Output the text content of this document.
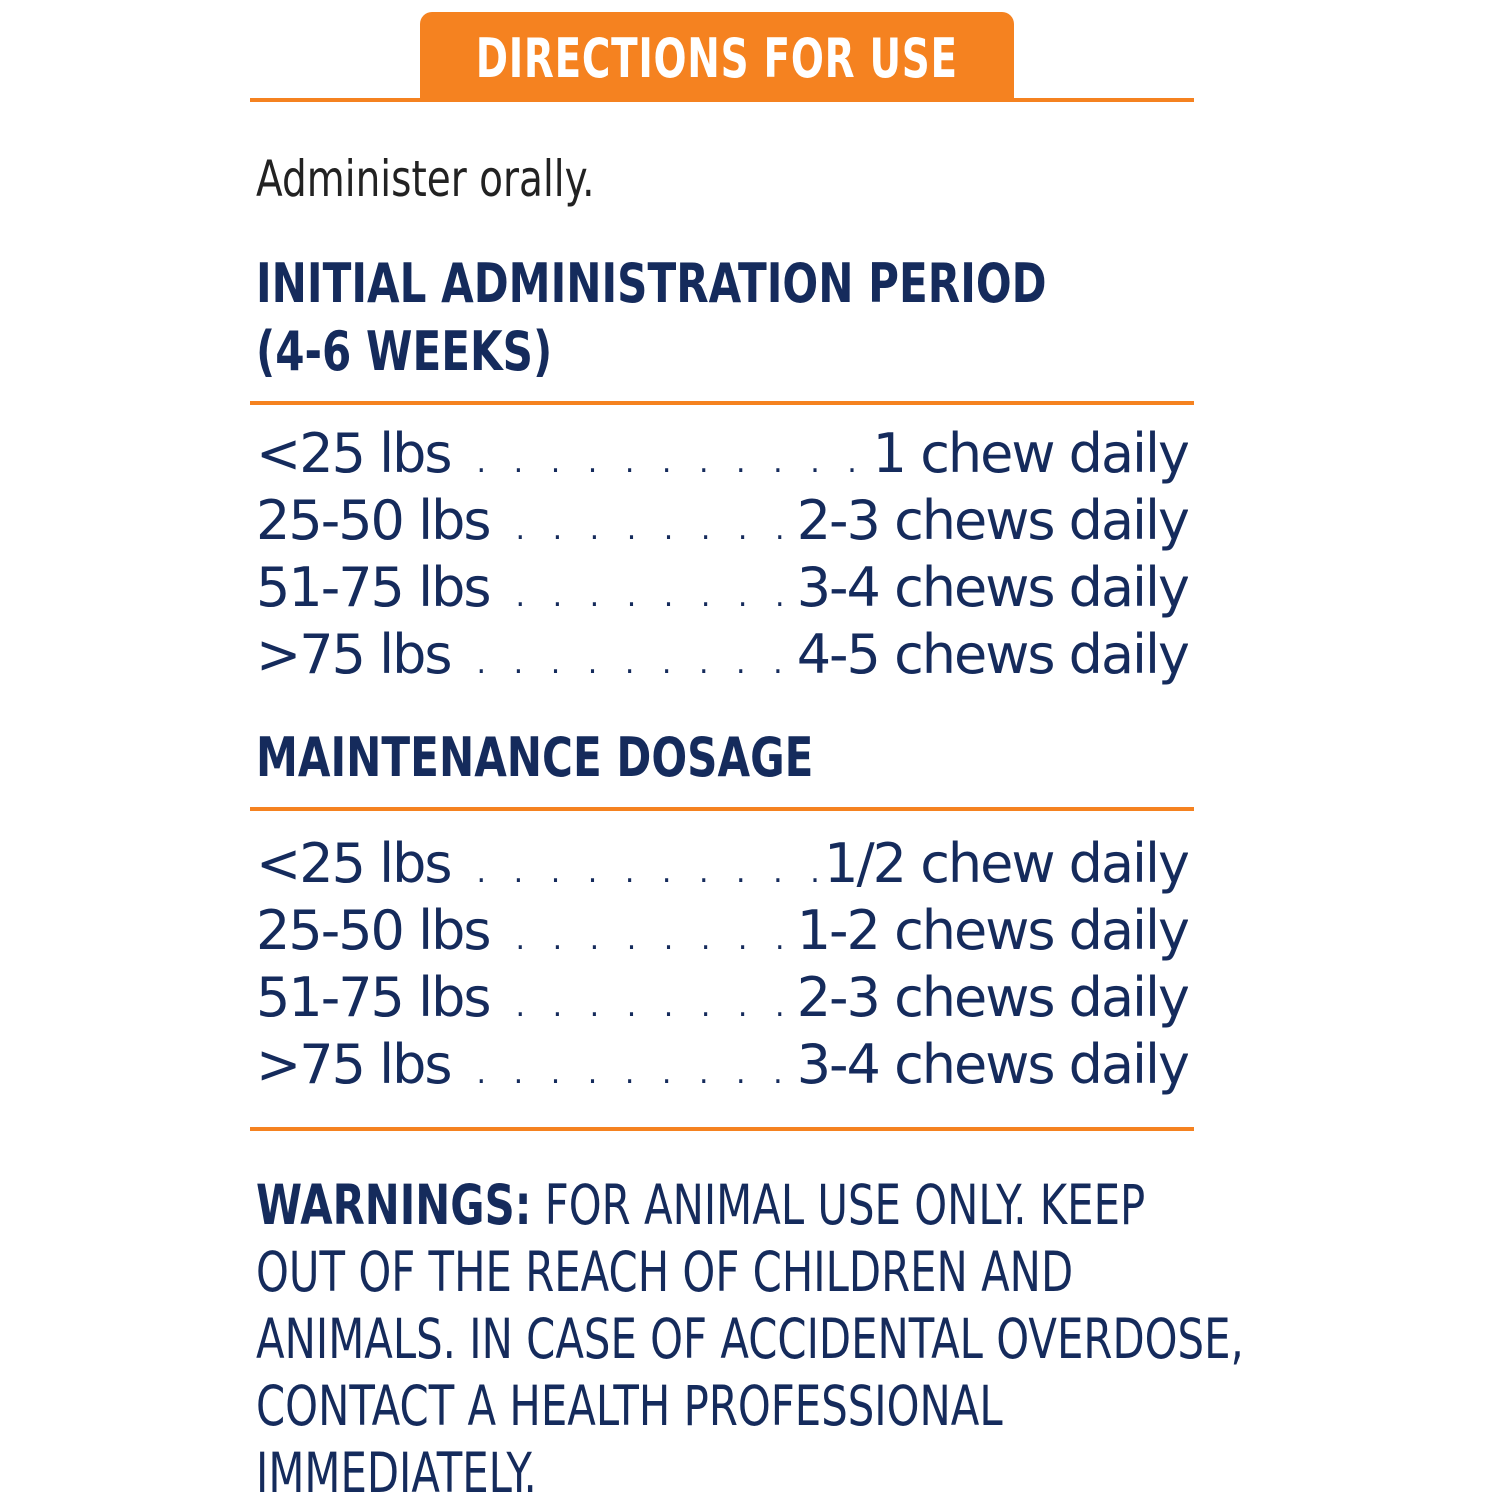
DIRECTIONS FOR USE
Administer orally.
INITIAL ADMINISTRATION PERIOD
(4-6 WEEKS)
<25 lbs . . .	1 chew daily
25-50 lbs . . .	2-3 chews daily
51-75 lbs . . .	3-4 chews daily
>75 lbs . . .	4-5 chews daily
MAINTENANCE DOSAGE
<25 lbs . . .	1/2 chew daily
25-50 lbs . . .	1-2 chews daily
51-75 lbs . . .	2-3 chews daily
>75 lbs . . .	3-4 chews daily
WARNINGS: FOR ANIMAL USE ONLY. KEEP
OUT OF THE REACH OF CHILDREN AND
ANIMALS. IN CASE OF ACCIDENTAL OVERDOSE,
CONTACT A HEALTH PROFESSIONAL
IMMEDIATELY.
